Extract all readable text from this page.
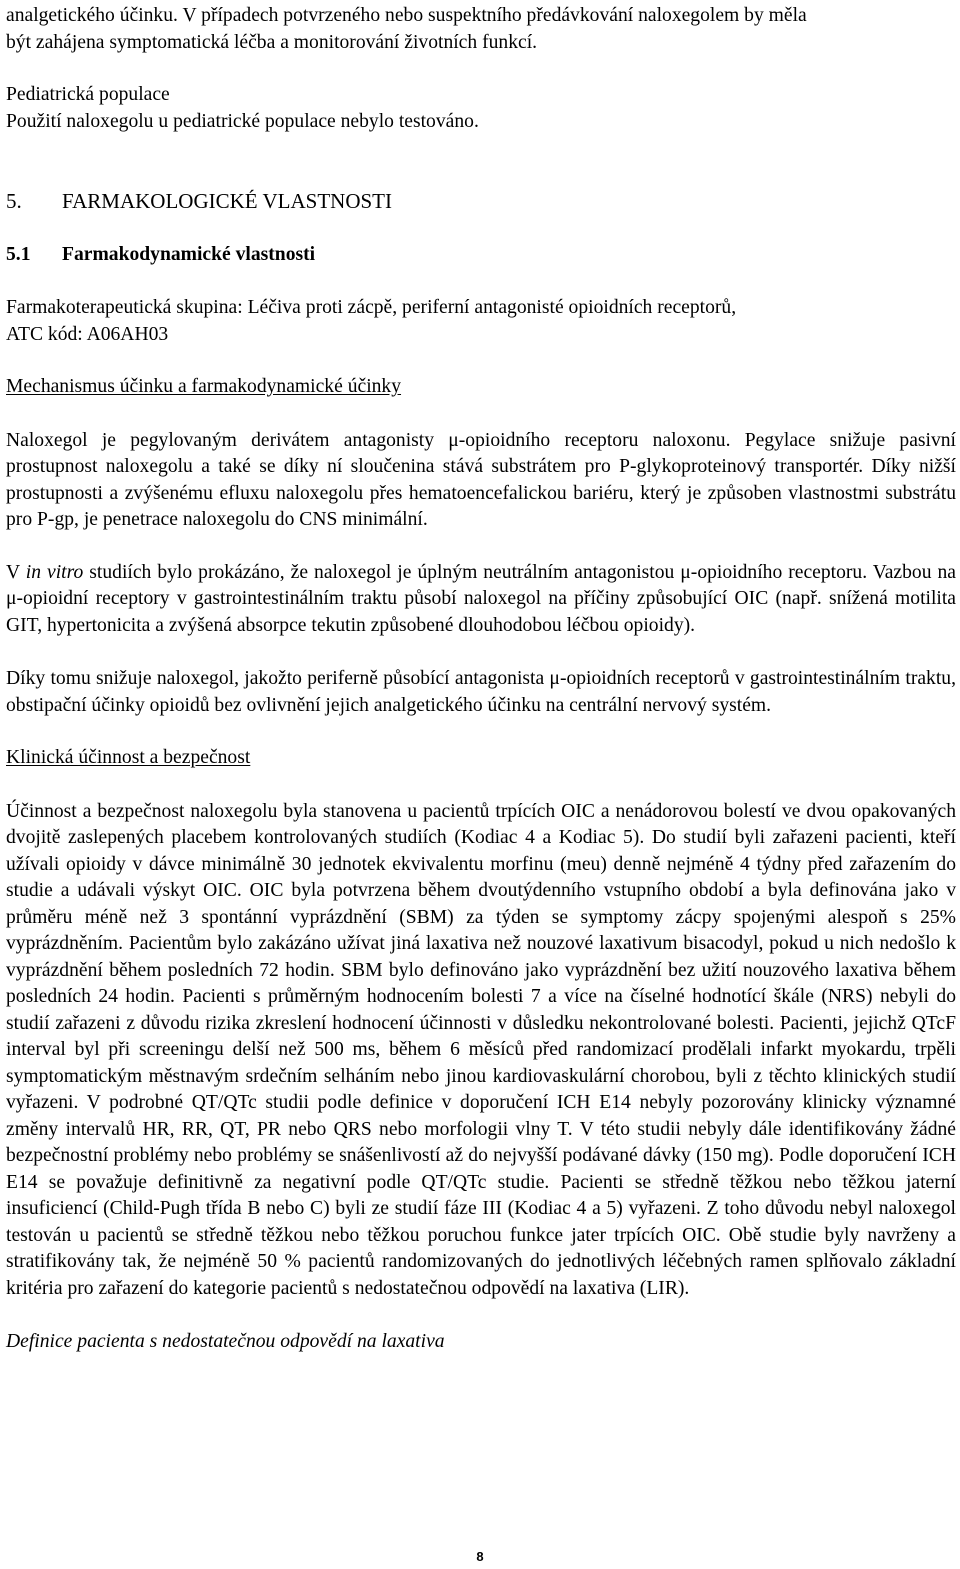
analgetického účinku. V případech potvrzeného nebo suspektního předávkování naloxegolem by měla

být zahájena symptomatická léčba a monitorování životních funkcí.

Pediatrická populace

Použití naloxegolu u pediatrické populace nebylo testováno.

5. FARMAKOLOGICKÉ VLASTNOSTI
5.1 Farmakodynamické vlastnosti

Farmakoterapeutická skupina: Léčiva proti zácpě, periferní antagonisté opioidních receptorů,

ATC kód: A06AH03

Mechanismus účinku a farmakodynamické účinky

Naloxegol je pegylovaným derivátem antagonisty μ-opioidního receptoru naloxonu. Pegylace snižuje pasivní prostupnost naloxegolu a také se díky ní sloučenina stává substrátem pro P-glykoproteinový transportér. Díky nižší prostupnosti a zvýšenému efluxu naloxegolu přes hematoencefalickou bariéru, který je způsoben vlastnostmi substrátu pro P-gp, je penetrace naloxegolu do CNS minimální.

V in vitro studiích bylo prokázáno, že naloxegol je úplným neutrálním antagonistou μ-opioidního receptoru. Vazbou na μ-opioidní receptory v gastrointestinálním traktu působí naloxegol na příčiny způsobující OIC (např. snížená motilita GIT, hypertonicita a zvýšená absorpce tekutin způsobené dlouhodobou léčbou opioidy).

Díky tomu snižuje naloxegol, jakožto periferně působící antagonista μ-opioidních receptorů v gastrointestinálním traktu, obstipační účinky opioidů bez ovlivnění jejich analgetického účinku na centrální nervový systém.

Klinická účinnost a bezpečnost

Účinnost a bezpečnost naloxegolu byla stanovena u pacientů trpících OIC a nenádorovou bolestí ve dvou opakovaných dvojitě zaslepených placebem kontrolovaných studiích (Kodiac 4 a Kodiac 5). Do studií byli zařazeni pacienti, kteří užívali opioidy v dávce minimálně 30 jednotek ekvivalentu morfinu (meu) denně nejméně 4 týdny před zařazením do studie a udávali výskyt OIC. OIC byla potvrzena během dvoutýdenního vstupního období a byla definována jako v průměru méně než 3 spontánní vyprázdnění (SBM) za týden se symptomy zácpy spojenými alespoň s 25% vyprázdněním. Pacientům bylo zakázáno užívat jiná laxativa než nouzové laxativum bisacodyl, pokud u nich nedošlo k vyprázdnění během posledních 72 hodin. SBM bylo definováno jako vyprázdnění bez užití nouzového laxativa během posledních 24 hodin. Pacienti s průměrným hodnocením bolesti 7 a více na číselné hodnotící škále (NRS) nebyli do studií zařazeni z důvodu rizika zkreslení hodnocení účinnosti v důsledku nekontrolované bolesti. Pacienti, jejichž QTcF interval byl při screeningu delší než 500 ms, během 6 měsíců před randomizací prodělali infarkt myokardu, trpěli symptomatickým městnavým srdečním selháním nebo jinou kardiovaskulární chorobou, byli z těchto klinických studií vyřazeni. V podrobné QT/QTc studii podle definice v doporučení ICH E14 nebyly pozorovány klinicky významné změny intervalů HR, RR, QT, PR nebo QRS nebo morfologii vlny T. V této studii nebyly dále identifikovány žádné bezpečnostní problémy nebo problémy se snášenlivostí až do nejvyšší podávané dávky (150 mg). Podle doporučení ICH E14 se považuje definitivně za negativní podle QT/QTc studie. Pacienti se středně těžkou nebo těžkou jaterní insuficiencí (Child-Pugh třída B nebo C) byli ze studií fáze III (Kodiac 4 a 5) vyřazeni. Z toho důvodu nebyl naloxegol testován u pacientů se středně těžkou nebo těžkou poruchou funkce jater trpících OIC. Obě studie byly navrženy a stratifikovány tak, že nejméně 50 % pacientů randomizovaných do jednotlivých léčebných ramen splňovalo základní kritéria pro zařazení do kategorie pacientů s nedostatečnou odpovědí na laxativa (LIR).

Definice pacienta s nedostatečnou odpovědí na laxativa

8
